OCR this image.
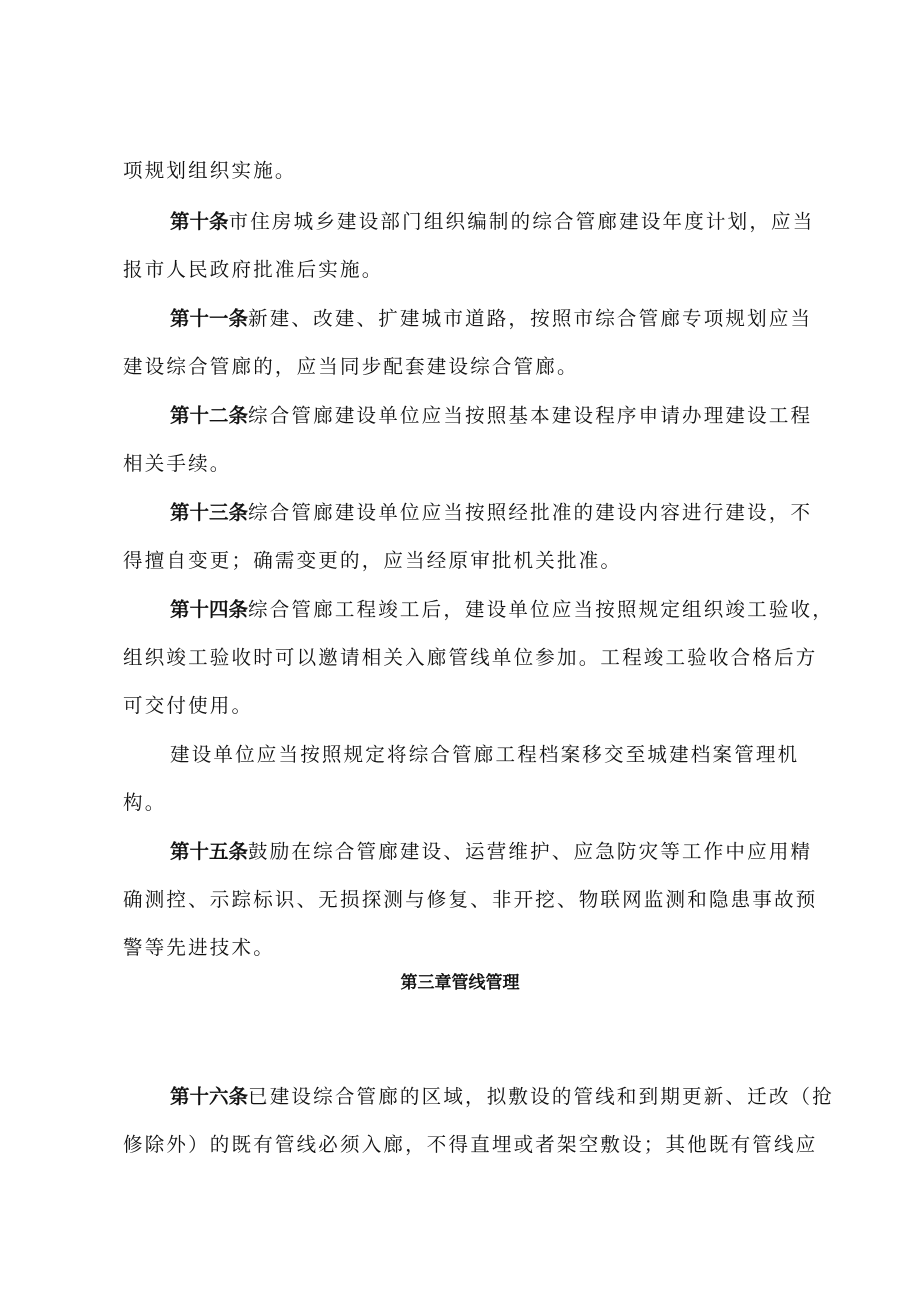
项规划组织实施。
第十条市住房城乡建设部门组织编制的综合管廊建设年度计划，应当
报市人民政府批准后实施。
第十一条新建、改建、扩建城市道路，按照市综合管廊专项规划应当
建设综合管廊的，应当同步配套建设综合管廊。
第十二条综合管廊建设单位应当按照基本建设程序申请办理建设工程
相关手续。
第十三条综合管廊建设单位应当按照经批准的建设内容进行建设，不
得擅自变更；确需变更的，应当经原审批机关批准。
第十四条综合管廊工程竣工后，建设单位应当按照规定组织竣工验收，
组织竣工验收时可以邀请相关入廊管线单位参加。工程竣工验收合格后方
可交付使用。
建设单位应当按照规定将综合管廊工程档案移交至城建档案管理机
构。
第十五条鼓励在综合管廊建设、运营维护、应急防灾等工作中应用精
确测控、示踪标识、无损探测与修复、非开挖、物联网监测和隐患事故预
警等先进技术。
第三章管线管理
第十六条已建设综合管廊的区域，拟敷设的管线和到期更新、迁改（抢
修除外）的既有管线必须入廊，不得直埋或者架空敷设；其他既有管线应
